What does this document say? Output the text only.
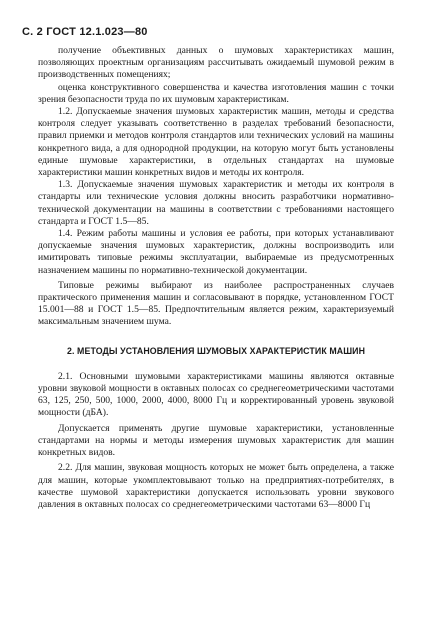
С. 2 ГОСТ 12.1.023—80

получение объективных данных о шумовых характеристиках машин, позволяющих проектным организациям рассчитывать ожидаемый шумовой режим в производственных помещениях;

оценка конструктивного совершенства и качества изготовления машин с точки зрения безопасности труда по их шумовым характеристикам.

1.2. Допускаемые значения шумовых характеристик машин, методы и средства контроля следует указывать соответственно в разделах требований безопасности, правил приемки и методов контроля стандартов или технических условий на машины конкретного вида, а для однородной продукции, на которую могут быть установлены единые шумовые характеристики, в отдельных стандартах на шумовые характеристики машин конкретных видов и методы их контроля.

1.3. Допускаемые значения шумовых характеристик и методы их контроля в стандарты или технические условия должны вносить разработчики нормативно-технической документации на машины в соответствии с требованиями настоящего стандарта и ГОСТ 1.5—85.

1.4. Режим работы машины и условия ее работы, при которых устанавливают допускаемые значения шумовых характеристик, должны воспроизводить или имитировать типовые режимы эксплуатации, выбираемые из предусмотренных назначением машины по нормативно-технической документации.

Типовые режимы выбирают из наиболее распространенных случаев практического применения машин и согласовывают в порядке, установленном ГОСТ 15.001—88 и ГОСТ 1.5—85. Предпочтительным является режим, характеризуемый максимальным значением шума.

2. МЕТОДЫ УСТАНОВЛЕНИЯ ШУМОВЫХ ХАРАКТЕРИСТИК МАШИН

2.1. Основными шумовыми характеристиками машины являются октавные уровни звуковой мощности в октавных полосах со среднегеометрическими частотами 63, 125, 250, 500, 1000, 2000, 4000, 8000 Гц и корректированный уровень звуковой мощности (дБА).

Допускается применять другие шумовые характеристики, установленные стандартами на нормы и методы измерения шумовых характеристик для машин конкретных видов.

2.2. Для машин, звуковая мощность которых не может быть определена, а также для машин, которые укомплектовывают только на предприятиях-потребителях, в качестве шумовой характеристики допускается использовать уровни звукового давления в октавных полосах со среднегеометрическими частотами 63—8000 Гц
